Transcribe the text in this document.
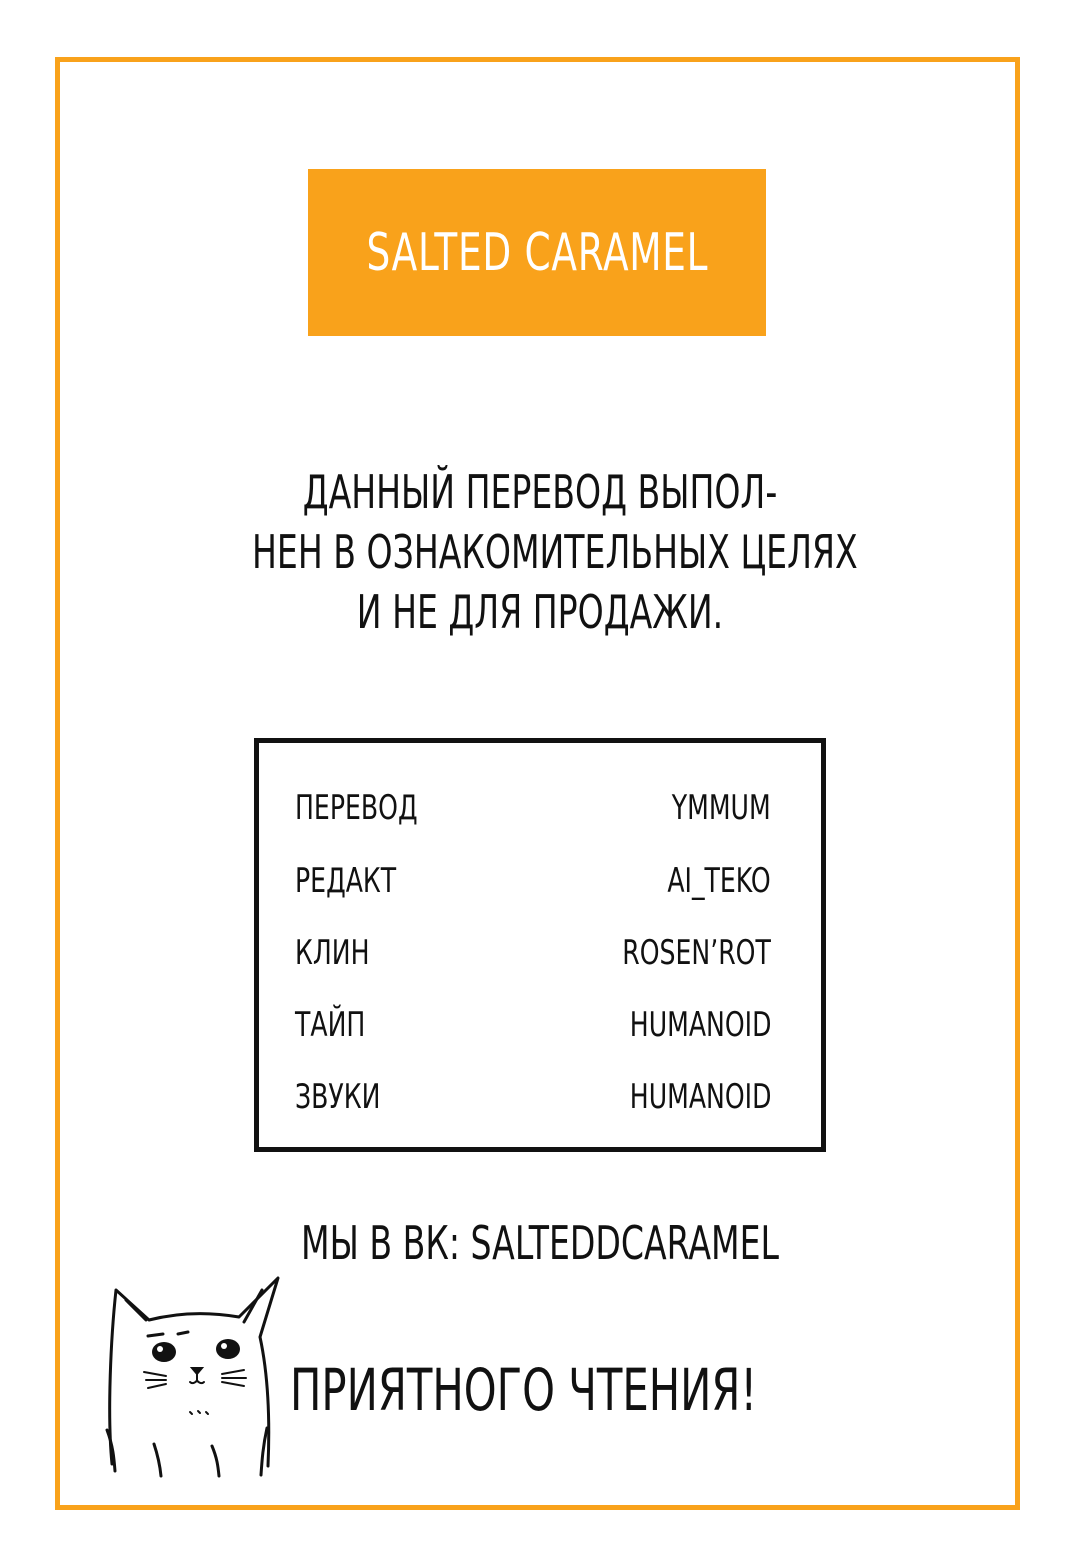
SALTED CARAMEL
ДАННЫЙ ПЕРЕВОД ВЫПОЛ-
НЕН В ОЗНАКОМИТЕЛЬНЫХ ЦЕЛЯХ
И НЕ ДЛЯ ПРОДАЖИ.
ПЕРЕВОД	YMMUM
РЕДАКТ	AI_TEKO
КЛИН	ROSEN’ROT
ТАЙП	HUMANOID
ЗВУКИ	HUMANOID
МЫ В ВК: SALTEDDCARAMEL
ПРИЯТНОГО ЧТЕНИЯ!
